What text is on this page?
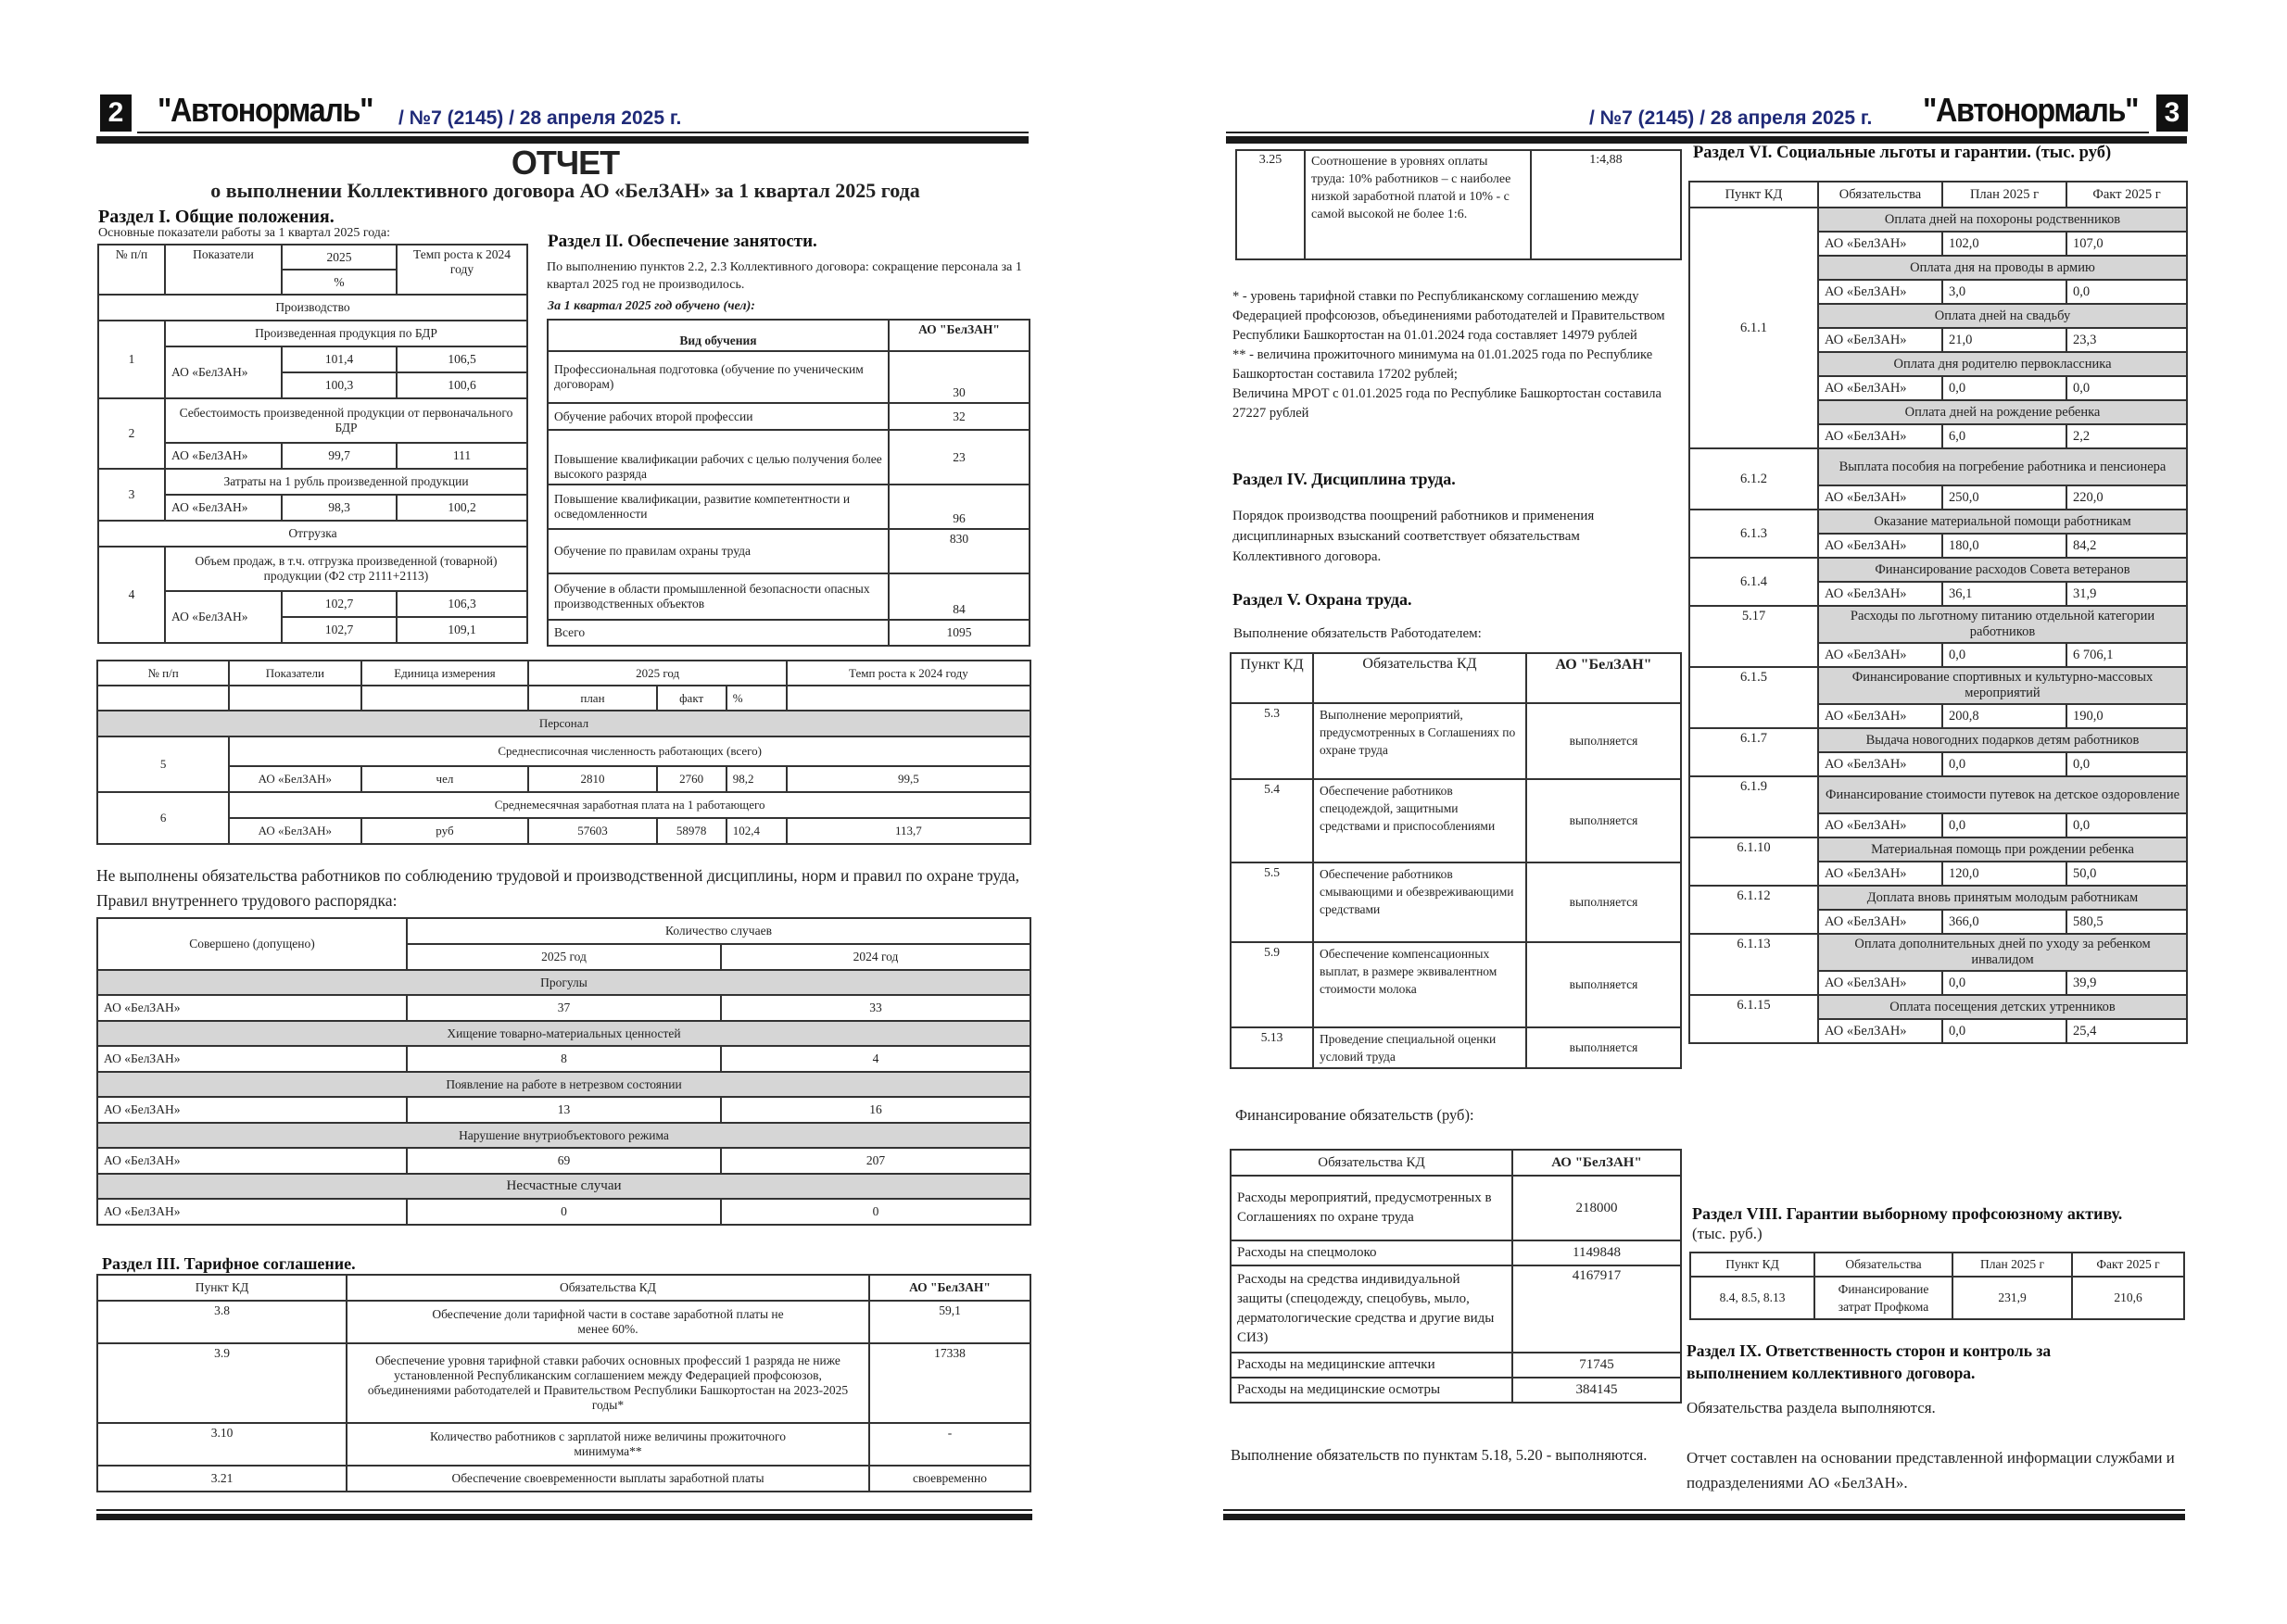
2 "Автонормаль" / №7 (2145) / 28 апреля 2025 г.
ОТЧЕТ
о выполнении Коллективного договора АО «БелЗАН» за 1 квартал 2025 года
Раздел I. Общие положения.
Основные показатели работы за 1 квартал 2025 года:
№ п/п	Показатели	2025	Темп роста к 2024 году
		%	
Производство			
1	Произведенная продукция по БДР		
	АО «БелЗАН»	101,4	106,5
		100,3	100,6
2	Себестоимость произведенной продукции от первоначального БДР		
	АО «БелЗАН»	99,7	111
3	Затраты на 1 рубль произведенной продукции		
	АО «БелЗАН»	98,3	100,2
Отгрузка			
4	Объем продаж, в т.ч. отгрузка произведенной (товарной) продукции (Ф2 стр 2111+2113)		
	АО «БелЗАН»	102,7	106,3
		102,7	109,1
Раздел II. Обеспечение занятости.
По выполнению пунктов 2.2, 2.3 Коллективного договора: сокращение персонала за 1 квартал 2025 год не производилось.
За 1 квартал 2025 год обучено (чел):
Вид обучения	АО "БелЗАН"
Профессиональная подготовка (обучение по ученическим договорам)	30
Обучение рабочих второй профессии	32
Повышение квалификации рабочих с целью получения более высокого разряда	23
Повышение квалификации, развитие компетентности и осведомленности	96
Обучение по правилам охраны труда	830
Обучение в области промышленной безопасности опасных производственных объектов	84
Всего	1095
№ п/п	Показатели	Единица измерения	2025 год			Темп роста к 2024 году
			план	факт	%	
Персонал						
5	Среднесписочная численность работающих (всего)					
	АО «БелЗАН»	чел	2810	2760	98,2	99,5
6	Среднемесячная заработная плата на 1 работающего					
	АО «БелЗАН»	руб	57603	58978	102,4	113,7
Не выполнены обязательства работников по соблюдению трудовой и производственной дисциплины, норм и правил по охране труда, Правил внутреннего трудового распорядка:
Совершено (допущено)	Количество случаев	
	2025 год	2024 год
Прогулы		
АО «БелЗАН»	37	33
Хищение товарно-материальных ценностей		
АО «БелЗАН»	8	4
Появление на работе в нетрезвом состоянии		
АО «БелЗАН»	13	16
Нарушение внутриобъектового режима		
АО «БелЗАН»	69	207
Несчастные случаи		
АО «БелЗАН»	0	0
Раздел III. Тарифное соглашение.
Пункт КД	Обязательства КД	АО "БелЗАН"
3.8	Обеспечение доли тарифной части в составе заработной платы не менее 60%.	59,1
3.9	Обеспечение уровня тарифной ставки рабочих основных профессий 1 разряда не ниже установленной Республиканским соглашением между Федерацией профсоюзов, объединениями работодателей и Правительством Республики Башкортостан на 2023-2025 годы*	17338
3.10	Количество работников с зарплатой ниже величины прожиточного минимума**	-
3.21	Обеспечение своевременности выплаты заработной платы	своевременно
/ №7 (2145) / 28 апреля 2025 г. "Автонормаль" 3
3.25	Соотношение в уровнях оплаты труда: 10% работников – с наиболее низкой заработной платой и 10% - с самой высокой не более 1:6.	1:4,88
* - уровень тарифной ставки по Республиканскому соглашению между Федерацией профсоюзов, объединениями работодателей и Правительством Республики Башкортостан на 01.01.2024 года составляет 14979 рублей
** - величина прожиточного минимума на 01.01.2025 года по Республике Башкортостан составила 17202 рублей;
Величина МРОТ с 01.01.2025 года по Республике Башкортостан составила 27227 рублей
Раздел IV. Дисциплина труда.
Порядок производства поощрений работников и применения дисциплинарных взысканий соответствует обязательствам Коллективного договора.
Раздел V. Охрана труда.
Выполнение обязательств Работодателем:
Пункт КД	Обязательства КД	АО "БелЗАН"
5.3	Выполнение мероприятий, предусмотренных в Соглашениях по охране труда	выполняется
5.4	Обеспечение работников спецодеждой, защитными средствами и приспособлениями	выполняется
5.5	Обеспечение работников смывающими и обезвреживающими средствами	выполняется
5.9	Обеспечение компенсационных выплат, в размере эквивалентном стоимости молока	выполняется
5.13	Проведение специальной оценки условий труда	выполняется
Финансирование обязательств (руб):
Обязательства КД	АО "БелЗАН"
Расходы мероприятий, предусмотренных в Соглашениях по охране труда	218000
Расходы на спецмолоко	1149848
Расходы на средства индивидуальной защиты (спецодежду, спецобувь, мыло, дерматологические средства и другие виды СИЗ)	4167917
Расходы на медицинские аптечки	71745
Расходы на медицинские осмотры	384145
Выполнение обязательств по пунктам 5.18, 5.20 - выполняются.
Раздел VI. Социальные льготы и гарантии. (тыс. руб)
Пункт КД	Обязательства	План 2025 г	Факт 2025 г
6.1.1	Оплата дней на похороны родственников		
	АО «БелЗАН»	102,0	107,0
	Оплата дня на проводы в армию		
	АО «БелЗАН»	3,0	0,0
	Оплата дней на свадьбу		
	АО «БелЗАН»	21,0	23,3
	Оплата дня родителю первоклассника		
	АО «БелЗАН»	0,0	0,0
	Оплата дней на рождение ребенка		
	АО «БелЗАН»	6,0	2,2
6.1.2	Выплата пособия на погребение работника и пенсионера		
	АО «БелЗАН»	250,0	220,0
6.1.3	Оказание материальной помощи работникам		
	АО «БелЗАН»	180,0	84,2
6.1.4	Финансирование расходов Совета ветеранов		
	АО «БелЗАН»	36,1	31,9
5.17	Расходы по льготному питанию отдельной категории работников		
	АО «БелЗАН»	0,0	6 706,1
6.1.5	Финансирование спортивных и культурно-массовых мероприятий		
	АО «БелЗАН»	200,8	190,0
6.1.7	Выдача новогодних подарков детям работников		
	АО «БелЗАН»	0,0	0,0
6.1.9	Финансирование стоимости путевок на детское оздоровление		
	АО «БелЗАН»	0,0	0,0
6.1.10	Материальная помощь при рождении ребенка		
	АО «БелЗАН»	120,0	50,0
6.1.12	Доплата вновь принятым молодым работникам		
	АО «БелЗАН»	366,0	580,5
6.1.13	Оплата дополнительных дней по уходу за ребенком инвалидом		
	АО «БелЗАН»	0,0	39,9
6.1.15	Оплата посещения детских утренников		
	АО «БелЗАН»	0,0	25,4
Раздел VIII. Гарантии выборному профсоюзному активу.
(тыс. руб.)
Пункт КД	Обязательства	План 2025 г	Факт 2025 г
8.4, 8.5, 8.13	Финансирование затрат Профкома	231,9	210,6
Раздел IX. Ответственность сторон и контроль за выполнением коллективного договора.
Обязательства раздела выполняются.
Отчет составлен на основании представленной информации службами и подразделениями АО «БелЗАН».
